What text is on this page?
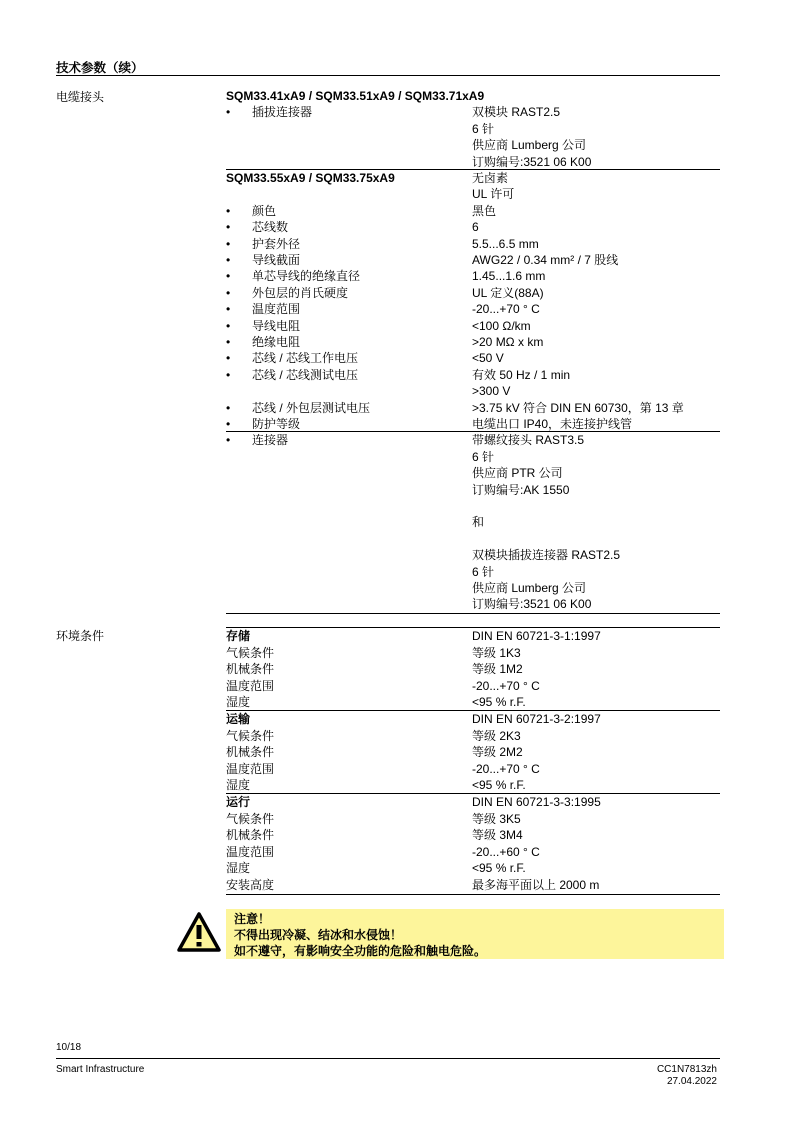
技术参数（续）
电缆接头	SQM33.41xA9 / SQM33.51xA9 / SQM33.71xA9
•	插拔连接器	双模块 RAST2.5
6 针
供应商 Lumberg 公司
订购编号:3521 06 K00
SQM33.55xA9 / SQM33.75xA9	无卤素
UL 许可
•	颜色	黑色
•	芯线数	6
•	护套外径	5.5...6.5 mm
•	导线截面	AWG22 / 0.34 mm² / 7 股线
•	单芯导线的绝缘直径	1.45...1.6 mm
•	外包层的肖氏硬度	UL 定义(88A)
•	温度范围	-20...+70 ° C
•	导线电阻	<100 Ω/km
•	绝缘电阻	>20 MΩ x km
•	芯线 / 芯线工作电压	<50 V
•	芯线 / 芯线测试电压	有效 50 Hz / 1 min
>300 V
•	芯线 / 外包层测试电压	>3.75 kV 符合 DIN EN 60730，第 13 章
•	防护等级	电缆出口 IP40，未连接护线管
•	连接器	带螺纹接头 RAST3.5
6 针
供应商 PTR 公司
订购编号:AK 1550
和
双模块插拔连接器 RAST2.5
6 针
供应商 Lumberg 公司
订购编号:3521 06 K00
环境条件	存储	DIN EN 60721-3-1:1997
气候条件	等级 1K3
机械条件	等级 1M2
温度范围	-20...+70 ° C
湿度	<95 % r.F.
运输	DIN EN 60721-3-2:1997
气候条件	等级 2K3
机械条件	等级 2M2
温度范围	-20...+70 ° C
湿度	<95 % r.F.
运行	DIN EN 60721-3-3:1995
气候条件	等级 3K5
机械条件	等级 3M4
温度范围	-20...+60 ° C
湿度	<95 % r.F.
安装高度	最多海平面以上 2000 m
注意！
不得出现冷凝、结冰和水侵蚀！
如不遵守，有影响安全功能的危险和触电危险。
10/18
Smart Infrastructure	CC1N7813zh
27.04.2022
